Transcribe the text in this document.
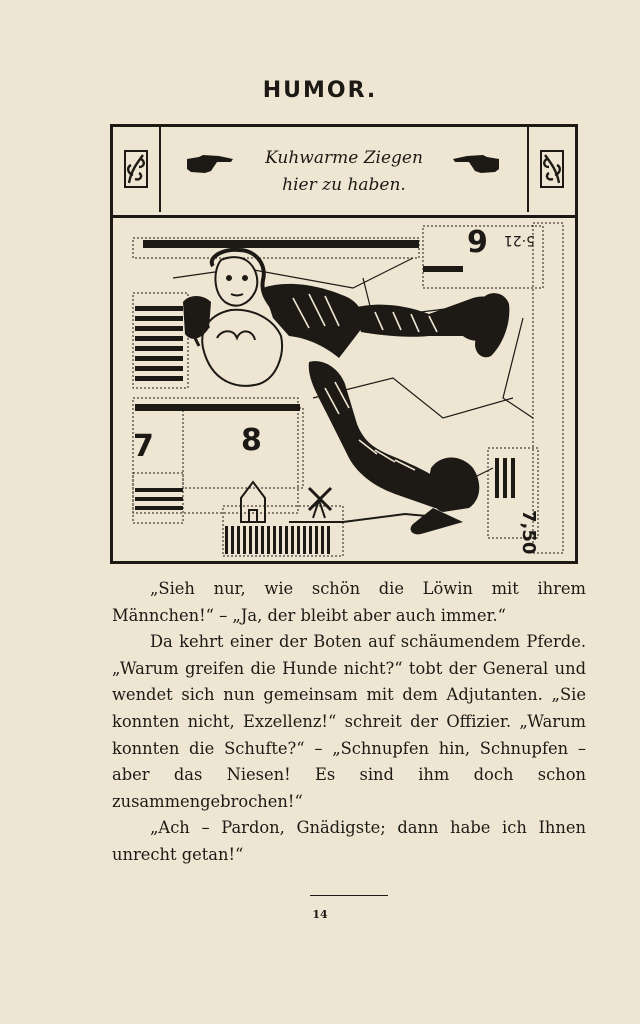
HUMOR.
Kuhwarme Ziegen
hier zu haben.
9 5·21
7	8
7,50

„Sieh nur, wie schön die Löwin mit ihrem Männchen!“ – „Ja, der bleibt aber auch immer.“

Da kehrt einer der Boten auf schäumendem Pferde. „Warum greifen die Hunde nicht?“ tobt der General und wendet sich nun gemeinsam mit dem Adjutanten. „Sie konnten nicht, Exzellenz!“ schreit der Offizier. „Warum konnten die Schufte?“ – „Schnupfen hin, Schnupfen – aber das Niesen! Es sind ihm doch schon zusammengebrochen!“

„Ach – Pardon, Gnädigste; dann habe ich Ihnen unrecht getan!“

14
